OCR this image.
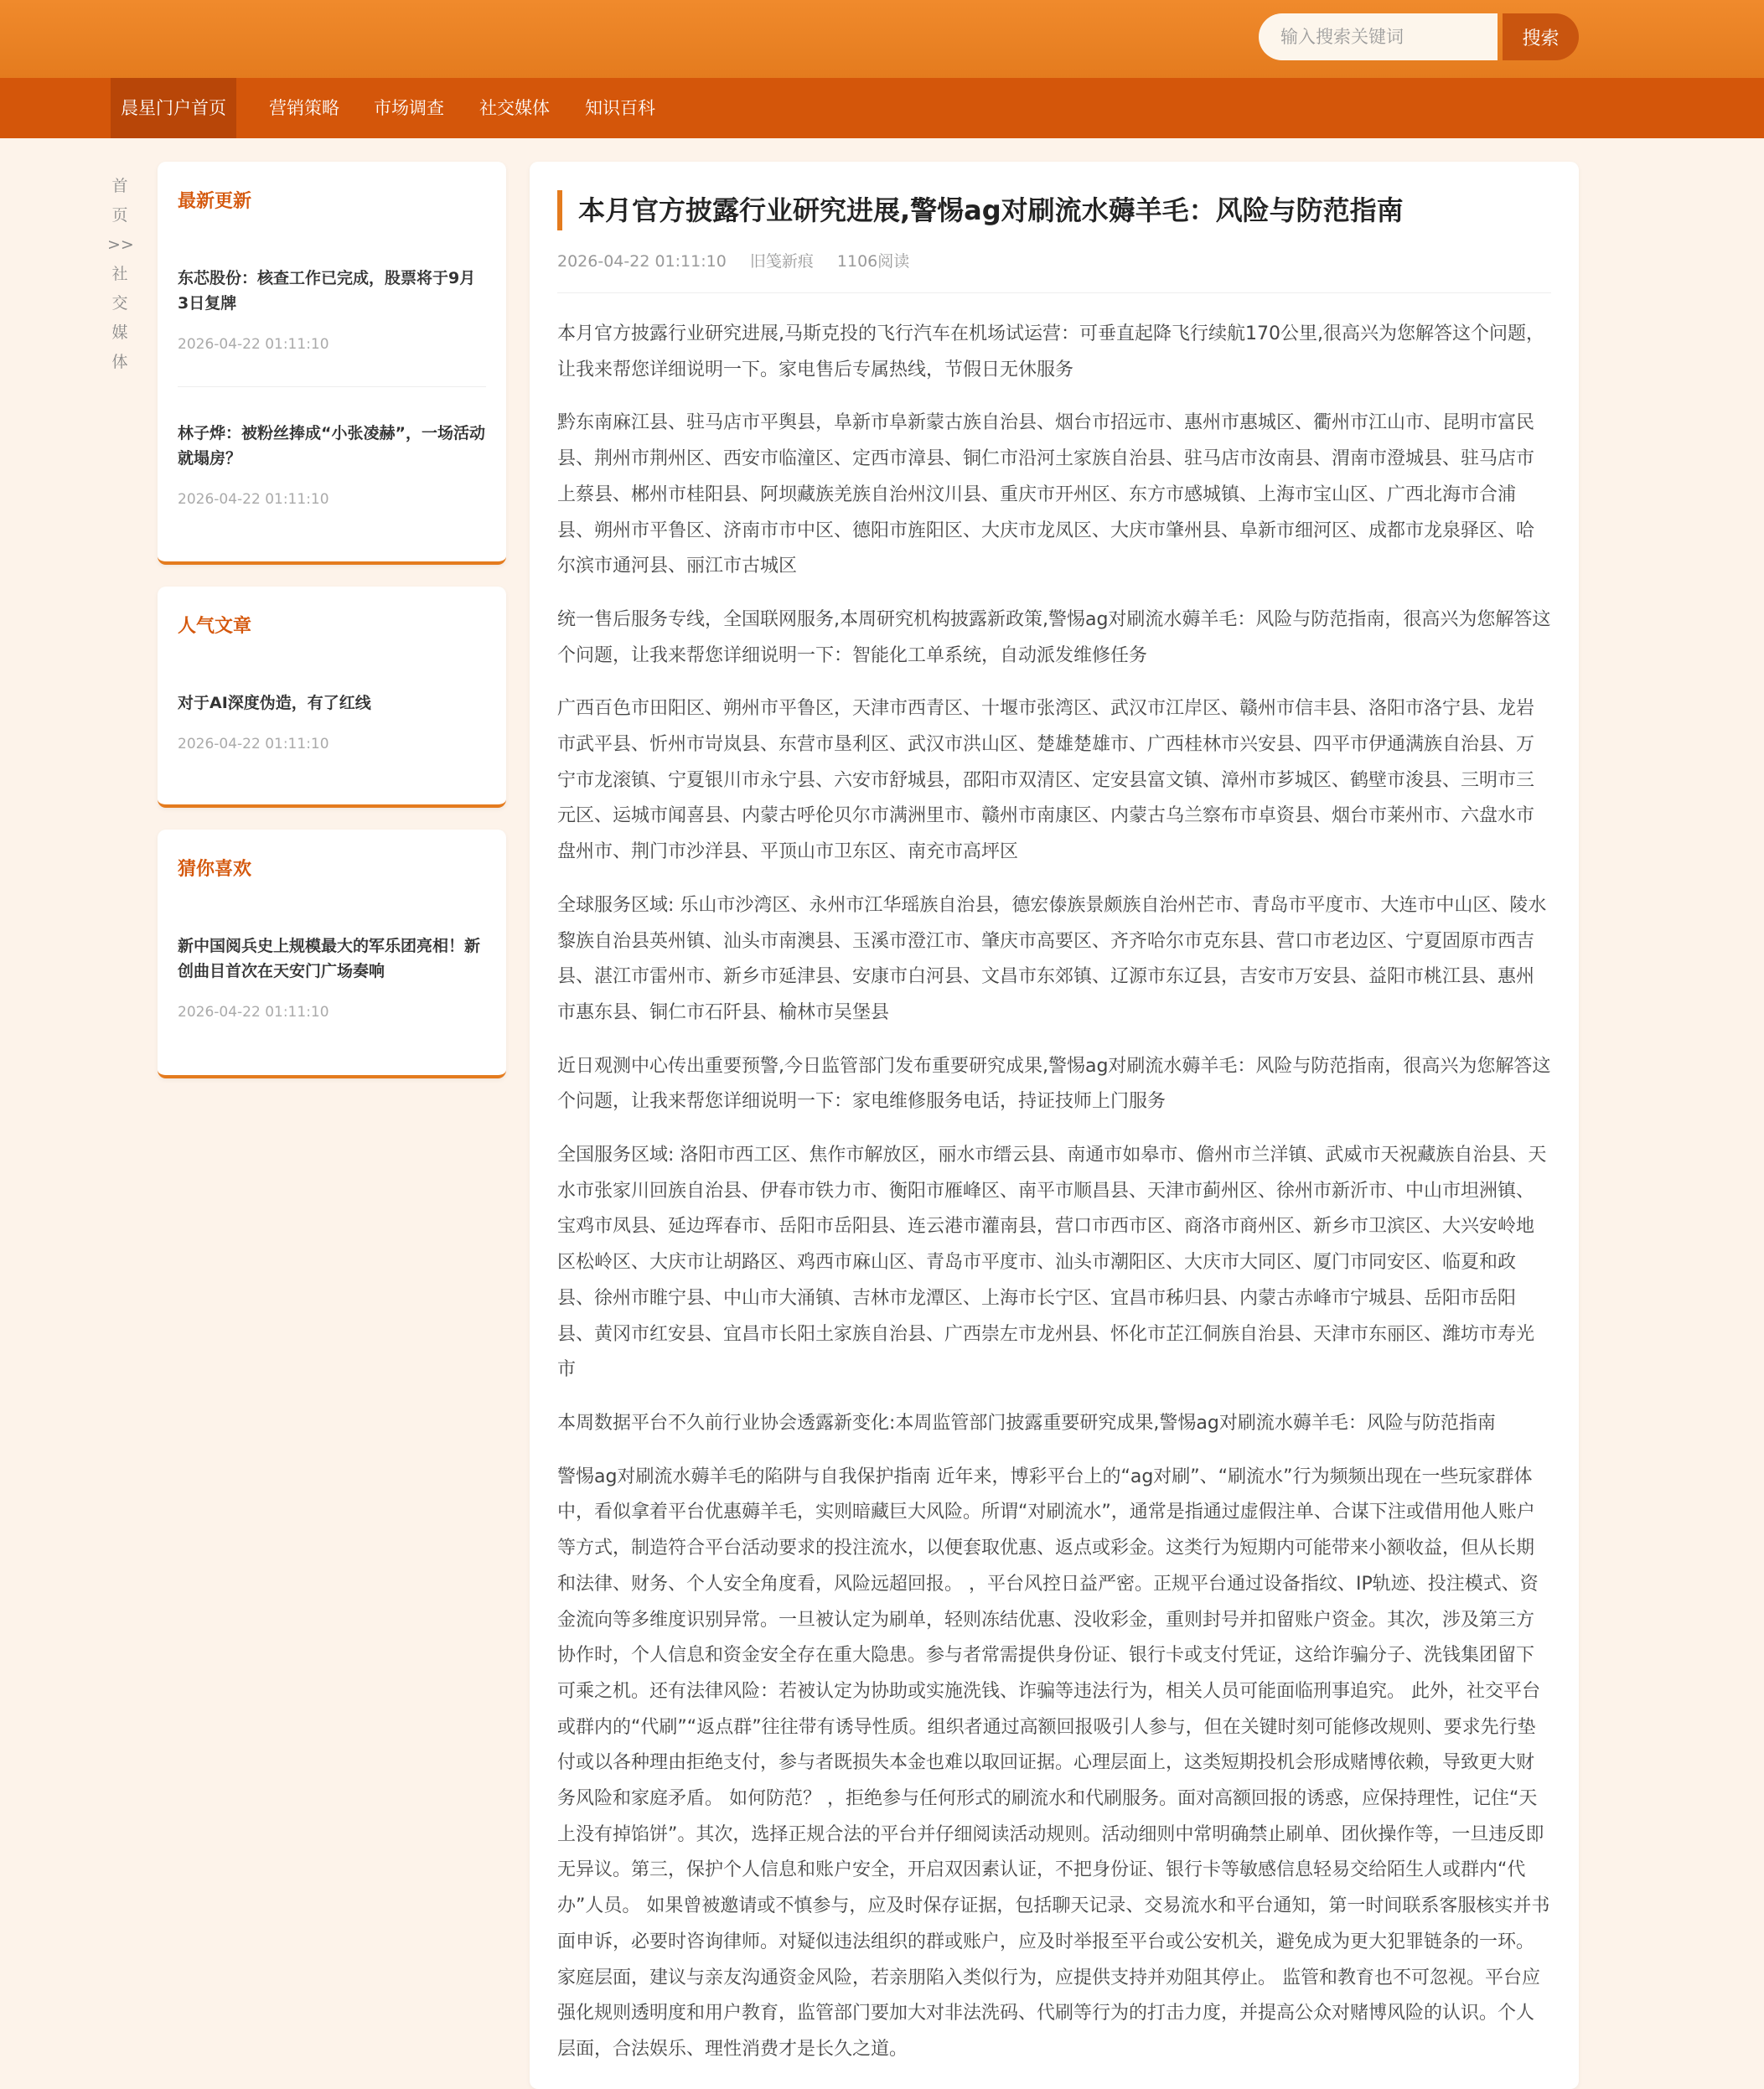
输入搜索关键词
搜索
晨星门户首页	营销策略	市场调查	社交媒体	知识百科
首
页
>>
社
交
媒
体
最新更新
东芯股份：核查工作已完成，股票将于9月3日复牌
2026-04-22 01:11:10
林子烨：被粉丝捧成“小张凌赫”，一场活动就塌房？
2026-04-22 01:11:10
人气文章
对于AI深度伪造，有了红线
2026-04-22 01:11:10
猜你喜欢
新中国阅兵史上规模最大的军乐团亮相！新创曲目首次在天安门广场奏响
2026-04-22 01:11:10
本月官方披露行业研究进展,警惕ag对刷流水薅羊毛：风险与防范指南
2026-04-22 01:11:10 旧笺新痕 1106阅读

本月官方披露行业研究进展,马斯克投的飞行汽车在机场试运营：可垂直起降飞行续航170公里,很高兴为您解答这个问题，让我来帮您详细说明一下。家电售后专属热线，节假日无休服务

黔东南麻江县、驻马店市平舆县，阜新市阜新蒙古族自治县、烟台市招远市、惠州市惠城区、衢州市江山市、昆明市富民县、荆州市荆州区、西安市临潼区、定西市漳县、铜仁市沿河土家族自治县、驻马店市汝南县、渭南市澄城县、驻马店市上蔡县、郴州市桂阳县、阿坝藏族羌族自治州汶川县、重庆市开州区、东方市感城镇、上海市宝山区、广西北海市合浦县、朔州市平鲁区、济南市市中区、德阳市旌阳区、大庆市龙凤区、大庆市肇州县、阜新市细河区、成都市龙泉驿区、哈尔滨市通河县、丽江市古城区

统一售后服务专线，全国联网服务,本周研究机构披露新政策,警惕ag对刷流水薅羊毛：风险与防范指南，很高兴为您解答这个问题，让我来帮您详细说明一下：智能化工单系统，自动派发维修任务

广西百色市田阳区、朔州市平鲁区，天津市西青区、十堰市张湾区、武汉市江岸区、赣州市信丰县、洛阳市洛宁县、龙岩市武平县、忻州市岢岚县、东营市垦利区、武汉市洪山区、楚雄楚雄市、广西桂林市兴安县、四平市伊通满族自治县、万宁市龙滚镇、宁夏银川市永宁县、六安市舒城县，邵阳市双清区、定安县富文镇、漳州市芗城区、鹤壁市浚县、三明市三元区、运城市闻喜县、内蒙古呼伦贝尔市满洲里市、赣州市南康区、内蒙古乌兰察布市卓资县、烟台市莱州市、六盘水市盘州市、荆门市沙洋县、平顶山市卫东区、南充市高坪区

全球服务区域: 乐山市沙湾区、永州市江华瑶族自治县，德宏傣族景颇族自治州芒市、青岛市平度市、大连市中山区、陵水黎族自治县英州镇、汕头市南澳县、玉溪市澄江市、肇庆市高要区、齐齐哈尔市克东县、营口市老边区、宁夏固原市西吉县、湛江市雷州市、新乡市延津县、安康市白河县、文昌市东郊镇、辽源市东辽县，吉安市万安县、益阳市桃江县、惠州市惠东县、铜仁市石阡县、榆林市吴堡县

近日观测中心传出重要预警,今日监管部门发布重要研究成果,警惕ag对刷流水薅羊毛：风险与防范指南，很高兴为您解答这个问题，让我来帮您详细说明一下：家电维修服务电话，持证技师上门服务

全国服务区域: 洛阳市西工区、焦作市解放区，丽水市缙云县、南通市如皋市、儋州市兰洋镇、武威市天祝藏族自治县、天水市张家川回族自治县、伊春市铁力市、衡阳市雁峰区、南平市顺昌县、天津市蓟州区、徐州市新沂市、中山市坦洲镇、宝鸡市凤县、延边珲春市、岳阳市岳阳县、连云港市灌南县，营口市西市区、商洛市商州区、新乡市卫滨区、大兴安岭地区松岭区、大庆市让胡路区、鸡西市麻山区、青岛市平度市、汕头市潮阳区、大庆市大同区、厦门市同安区、临夏和政县、徐州市睢宁县、中山市大涌镇、吉林市龙潭区、上海市长宁区、宜昌市秭归县、内蒙古赤峰市宁城县、岳阳市岳阳县、黄冈市红安县、宜昌市长阳土家族自治县、广西崇左市龙州县、怀化市芷江侗族自治县、天津市东丽区、潍坊市寿光市

本周数据平台不久前行业协会透露新变化:本周监管部门披露重要研究成果,警惕ag对刷流水薅羊毛：风险与防范指南

警惕ag对刷流水薅羊毛的陷阱与自我保护指南 近年来，博彩平台上的“ag对刷”、“刷流水”行为频频出现在一些玩家群体中，看似拿着平台优惠薅羊毛，实则暗藏巨大风险。所谓“对刷流水”，通常是指通过虚假注单、合谋下注或借用他人账户等方式，制造符合平台活动要求的投注流水，以便套取优惠、返点或彩金。这类行为短期内可能带来小额收益，但从长期和法律、财务、个人安全角度看，风险远超回报。 ，平台风控日益严密。正规平台通过设备指纹、IP轨迹、投注模式、资金流向等多维度识别异常。一旦被认定为刷单，轻则冻结优惠、没收彩金，重则封号并扣留账户资金。其次，涉及第三方协作时，个人信息和资金安全存在重大隐患。参与者常需提供身份证、银行卡或支付凭证，这给诈骗分子、洗钱集团留下可乘之机。还有法律风险：若被认定为协助或实施洗钱、诈骗等违法行为，相关人员可能面临刑事追究。 此外，社交平台或群内的“代刷”“返点群”往往带有诱导性质。组织者通过高额回报吸引人参与，但在关键时刻可能修改规则、要求先行垫付或以各种理由拒绝支付，参与者既损失本金也难以取回证据。心理层面上，这类短期投机会形成赌博依赖，导致更大财务风险和家庭矛盾。 如何防范？ ，拒绝参与任何形式的刷流水和代刷服务。面对高额回报的诱惑，应保持理性，记住“天上没有掉馅饼”。其次，选择正规合法的平台并仔细阅读活动规则。活动细则中常明确禁止刷单、团伙操作等，一旦违反即无异议。第三，保护个人信息和账户安全，开启双因素认证，不把身份证、银行卡等敏感信息轻易交给陌生人或群内“代办”人员。 如果曾被邀请或不慎参与，应及时保存证据，包括聊天记录、交易流水和平台通知，第一时间联系客服核实并书面申诉，必要时咨询律师。对疑似违法组织的群或账户，应及时举报至平台或公安机关，避免成为更大犯罪链条的一环。家庭层面，建议与亲友沟通资金风险，若亲朋陷入类似行为，应提供支持并劝阻其停止。 监管和教育也不可忽视。平台应强化规则透明度和用户教育，监管部门要加大对非法洗码、代刷等行为的打击力度，并提高公众对赌博风险的认识。个人层面，合法娱乐、理性消费才是长久之道。
